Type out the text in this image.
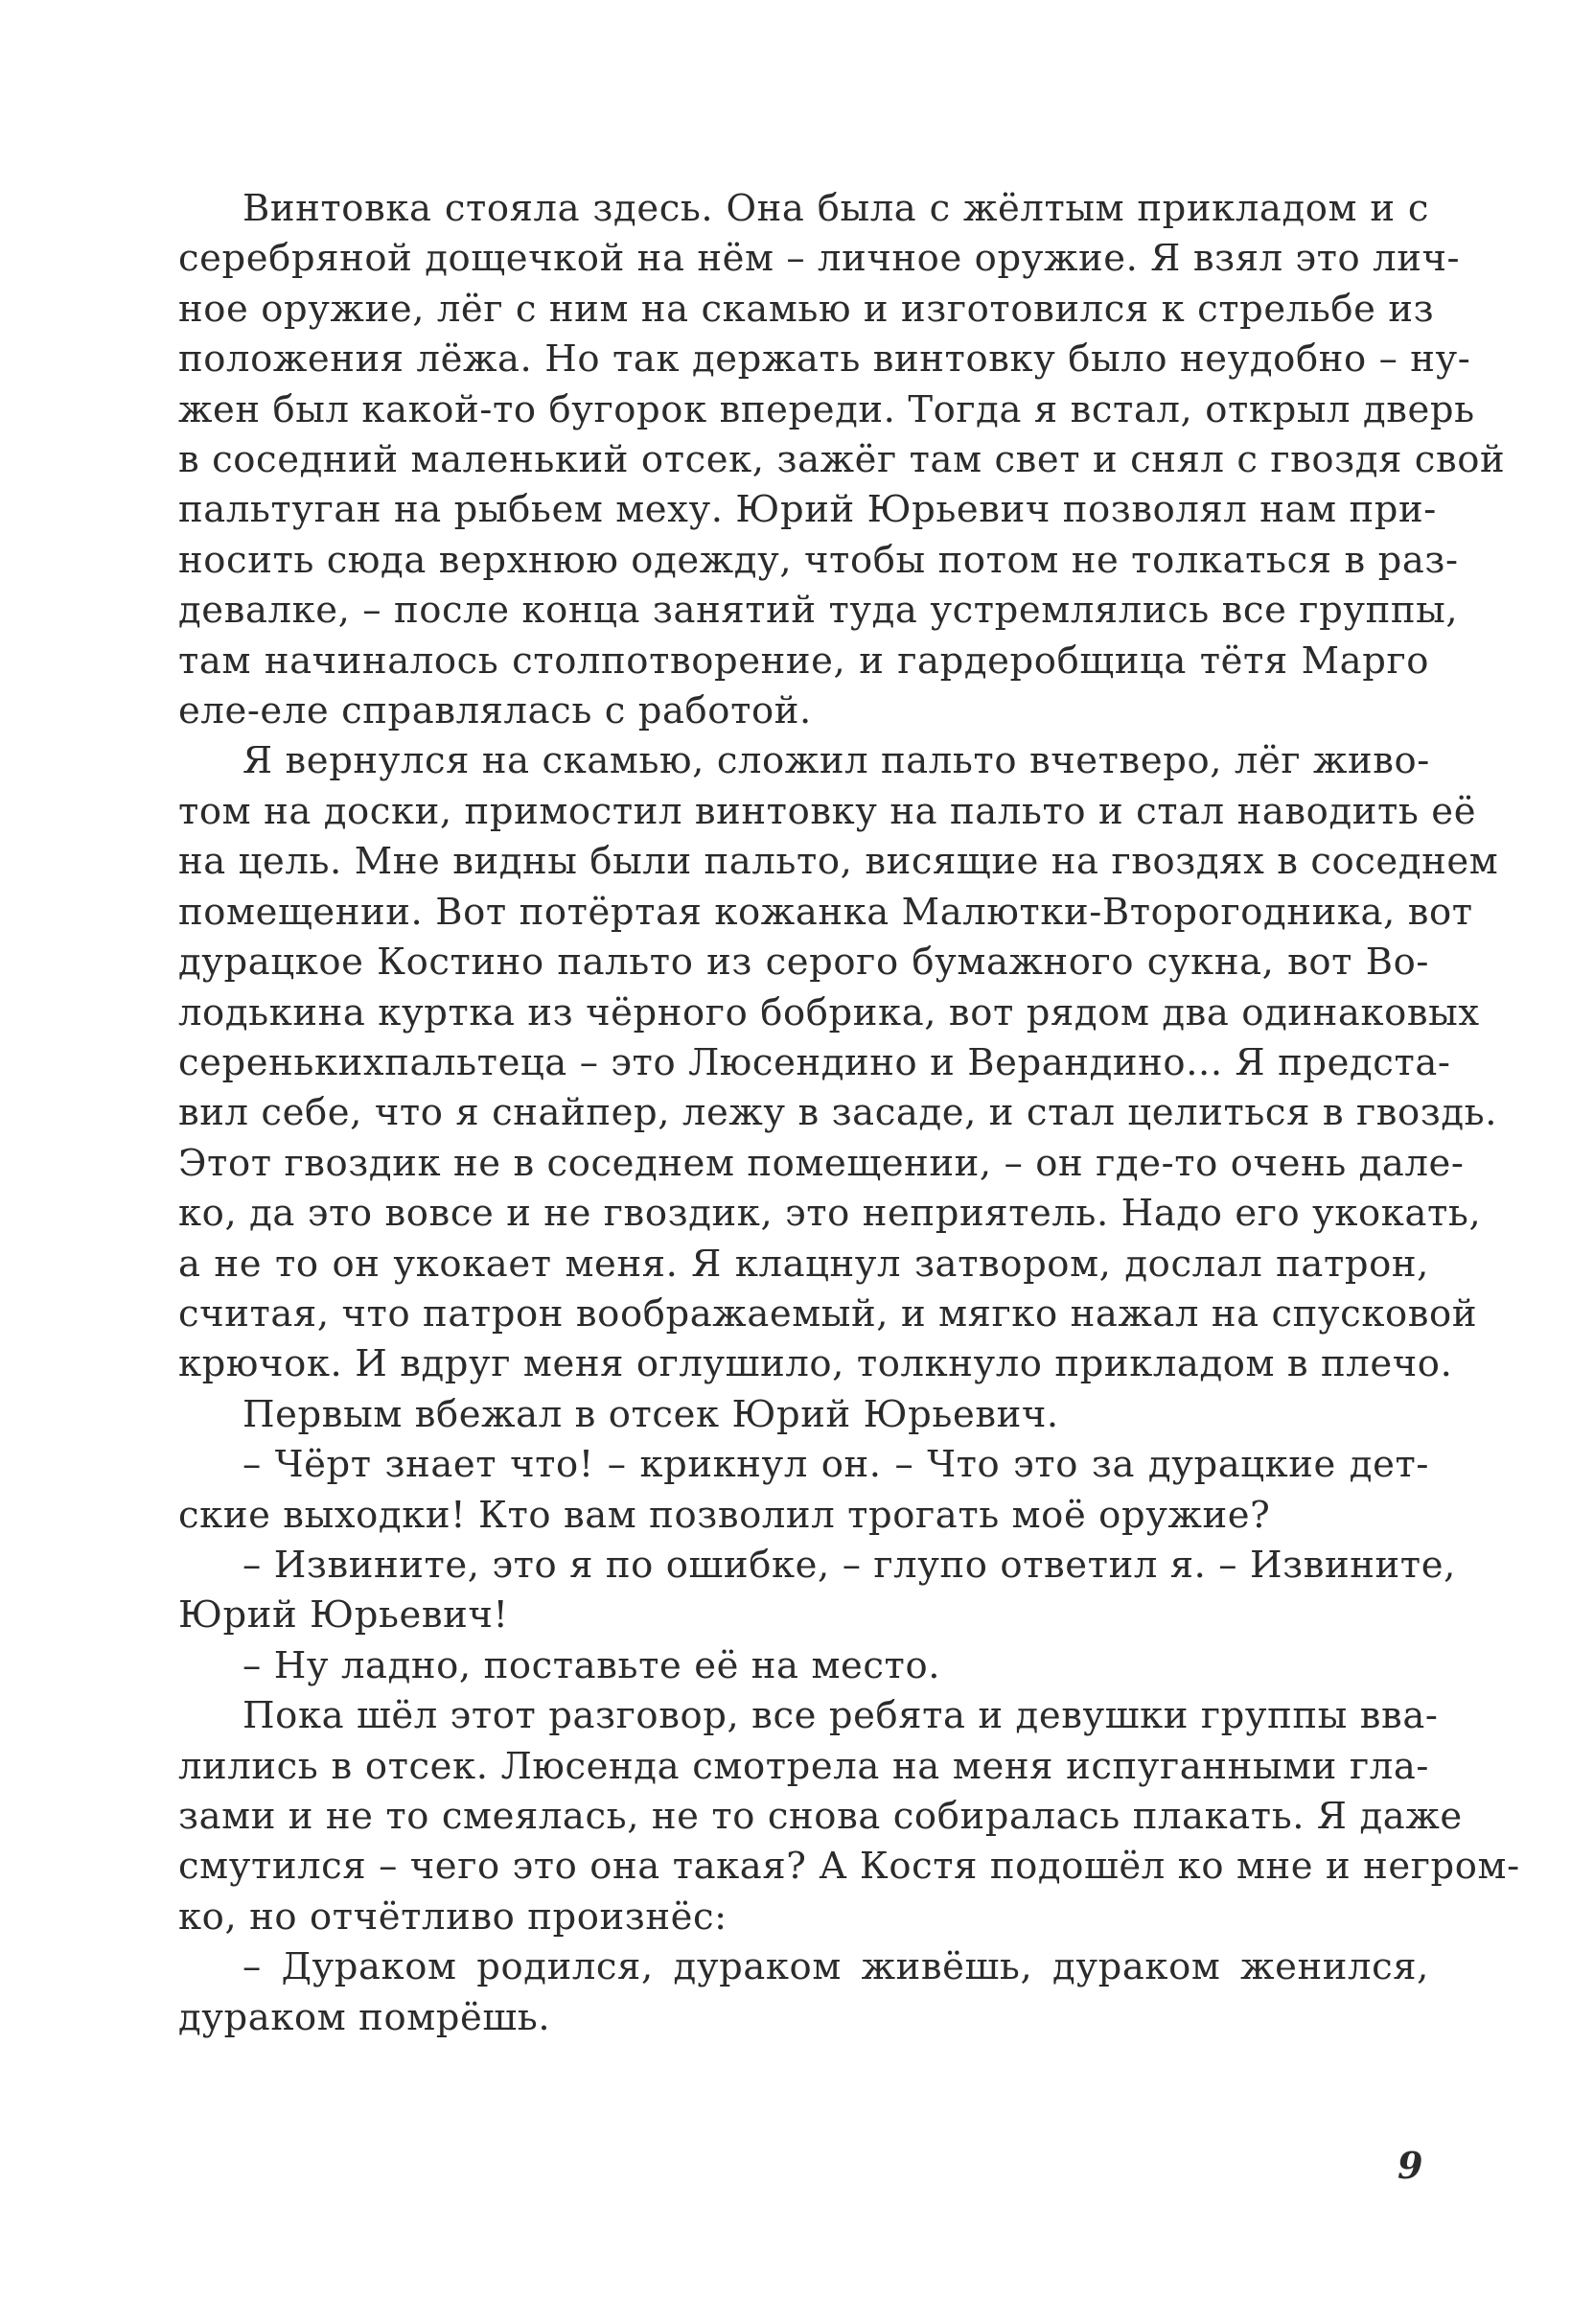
Винтовка стояла здесь. Она была с жёлтым прикладом и с
серебряной дощечкой на нём – личное оружие. Я взял это лич-
ное оружие, лёг с ним на скамью и изготовился к стрельбе из
положения лёжа. Но так держать винтовку было неудобно – ну-
жен был какой-то бугорок впереди. Тогда я встал, открыл дверь
в соседний маленький отсек, зажёг там свет и снял с гвоздя свой
пальтуган на рыбьем меху. Юрий Юрьевич позволял нам при-
носить сюда верхнюю одежду, чтобы потом не толкаться в раз-
девалке, – после конца занятий туда устремлялись все группы,
там начиналось столпотворение, и гардеробщица тётя Марго
еле-еле справлялась с работой.

Я вернулся на скамью, сложил пальто вчетверо, лёг живо-
том на доски, примостил винтовку на пальто и стал наводить её
на цель. Мне видны были пальто, висящие на гвоздях в соседнем
помещении. Вот потёртая кожанка Малютки-Второгодника, вот
дурацкое Костино пальто из серого бумажного сукна, вот Во-
лодькина куртка из чёрного бобрика, вот рядом два одинаковых
серенькихпальтеца – это Люсендино и Верандино... Я предста-
вил себе, что я снайпер, лежу в засаде, и стал целиться в гвоздь.
Этот гвоздик не в соседнем помещении, – он где-то очень дале-
ко, да это вовсе и не гвоздик, это неприятель. Надо его укокать,
а не то он укокает меня. Я клацнул затвором, дослал патрон,
считая, что патрон воображаемый, и мягко нажал на спусковой
крючок. И вдруг меня оглушило, толкнуло прикладом в плечо.

Первым вбежал в отсек Юрий Юрьевич.

– Чёрт знает что! – крикнул он. – Что это за дурацкие дет-
ские выходки! Кто вам позволил трогать моё оружие?

– Извините, это я по ошибке, – глупо ответил я. – Извините,
Юрий Юрьевич!

– Ну ладно, поставьте её на место.

Пока шёл этот разговор, все ребята и девушки группы вва-
лились в отсек. Люсенда смотрела на меня испуганными гла-
зами и не то смеялась, не то снова собиралась плакать. Я даже
смутился – чего это она такая? А Костя подошёл ко мне и негром-
ко, но отчётливо произнёс:

– Дураком родился, дураком живёшь, дураком женился,
дураком помрёшь.

9
